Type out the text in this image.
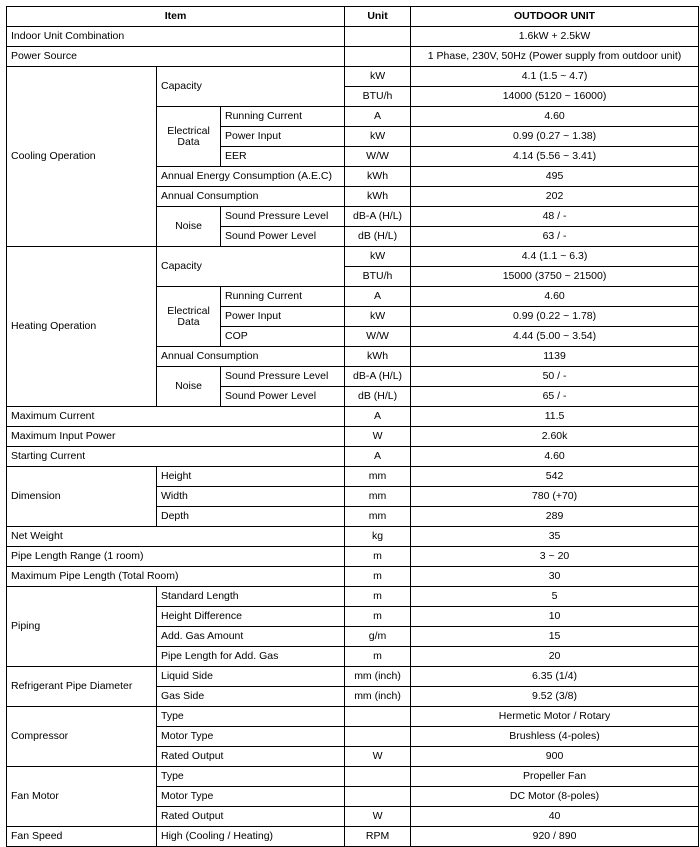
Item			Unit	OUTDOOR UNIT
Indoor Unit Combination				1.6kW + 2.5kW
Power Source				1 Phase, 230V, 50Hz (Power supply from outdoor unit)
Cooling Operation	Capacity		kW	4.1 (1.5 ~ 4.7)
			BTU/h	14000 (5120 ~ 16000)
	Electrical Data	Running Current	A	4.60
		Power Input	kW	0.99 (0.27 ~ 1.38)
		EER	W/W	4.14 (5.56 ~ 3.41)
	Annual Energy Consumption (A.E.C)		kWh	495
	Annual Consumption		kWh	202
	Noise	Sound Pressure Level	dB-A (H/L)	48 / -
		Sound Power Level	dB (H/L)	63 / -
Heating Operation	Capacity		kW	4.4 (1.1 ~ 6.3)
			BTU/h	15000 (3750 ~ 21500)
	Electrical Data	Running Current	A	4.60
		Power Input	kW	0.99 (0.22 ~ 1.78)
		COP	W/W	4.44 (5.00 ~ 3.54)
	Annual Consumption		kWh	1139
	Noise	Sound Pressure Level	dB-A (H/L)	50 / -
		Sound Power Level	dB (H/L)	65 / -
Maximum Current			A	11.5
Maximum Input Power			W	2.60k
Starting Current			A	4.60
Dimension	Height		mm	542
	Width		mm	780 (+70)
	Depth		mm	289
Net Weight			kg	35
Pipe Length Range (1 room)			m	3 ~ 20
Maximum Pipe Length (Total Room)			m	30
Piping	Standard Length		m	5
	Height Difference		m	10
	Add. Gas Amount		g/m	15
	Pipe Length for Add. Gas		m	20
Refrigerant Pipe Diameter	Liquid Side		mm (inch)	6.35 (1/4)
	Gas Side		mm (inch)	9.52 (3/8)
Compressor	Type			Hermetic Motor / Rotary
	Motor Type			Brushless (4-poles)
	Rated Output		W	900
Fan Motor	Type			Propeller Fan
	Motor Type			DC Motor (8-poles)
	Rated Output		W	40
Fan Speed	High (Cooling / Heating)		RPM	920 / 890
